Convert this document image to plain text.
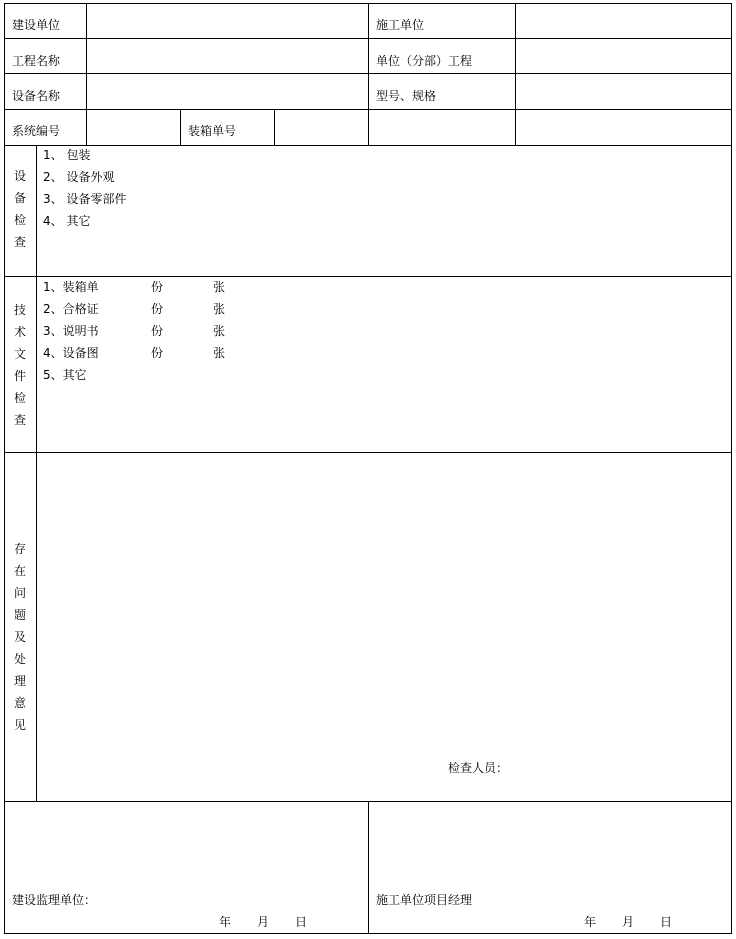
建设单位	施工单位
工程名称	单位（分部）工程
设备名称	型号、规格
系统编号	装箱单号
设备检查
1、 包装
2、 设备外观
3、 设备零部件
4、 其它
技术文件检查
1、装箱单	份	张
2、合格证	份	张
3、说明书	份	张
4、设备图	份	张
5、其它
存在问题及处理意见
检查人员：
建设监理单位：
年 月 日
施工单位项目经理
年 月 日
